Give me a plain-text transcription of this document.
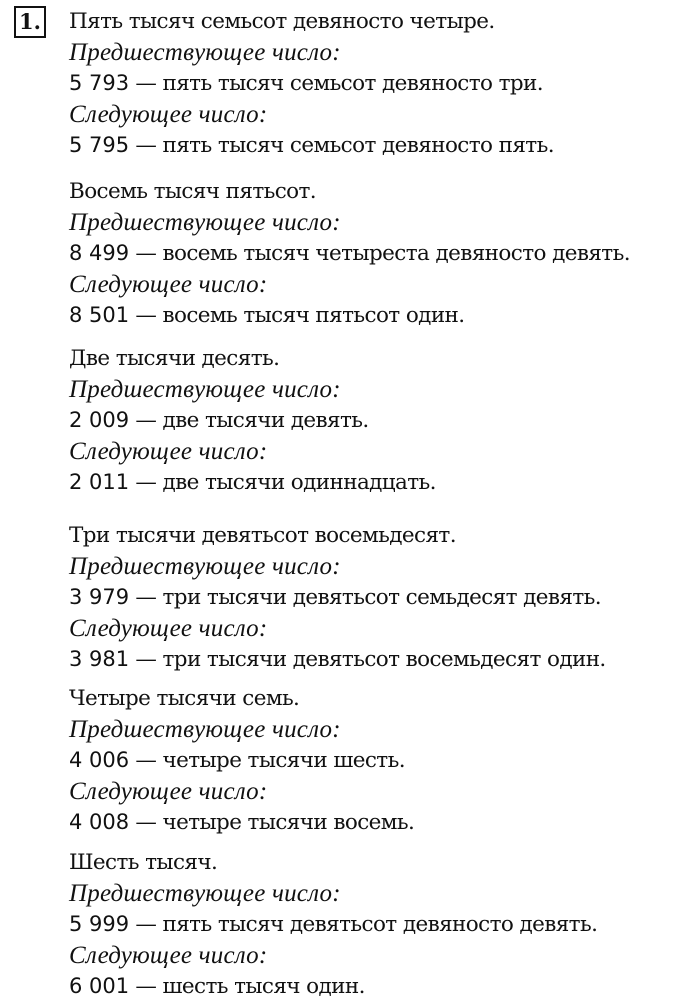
1. Пять тысяч семьсот девяносто четыре.
Предшествующее число:
5 793 — пять тысяч семьсот девяносто три.
Следующее число:
5 795 — пять тысяч семьсот девяносто пять.
Восемь тысяч пятьсот.
Предшествующее число:
8 499 — восемь тысяч четыреста девяносто девять.
Следующее число:
8 501 — восемь тысяч пятьсот один.
Две тысячи десять.
Предшествующее число:
2 009 — две тысячи девять.
Следующее число:
2 011 — две тысячи одиннадцать.
Три тысячи девятьсот восемьдесят.
Предшествующее число:
3 979 — три тысячи девятьсот семьдесят девять.
Следующее число:
3 981 — три тысячи девятьсот восемьдесят один.
Четыре тысячи семь.
Предшествующее число:
4 006 — четыре тысячи шесть.
Следующее число:
4 008 — четыре тысячи восемь.
Шесть тысяч.
Предшествующее число:
5 999 — пять тысяч девятьсот девяносто девять.
Следующее число:
6 001 — шесть тысяч один.
